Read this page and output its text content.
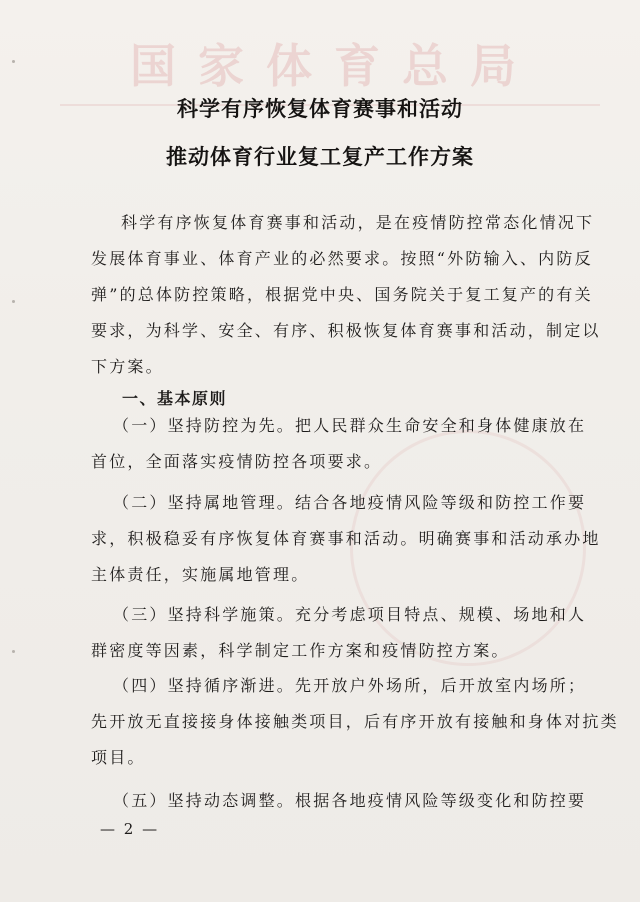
国家体育总局
科学有序恢复体育赛事和活动
推动体育行业复工复产工作方案
科学有序恢复体育赛事和活动，是在疫情防控常态化情况下
发展体育事业、体育产业的必然要求。按照“外防输入、内防反
弹”的总体防控策略，根据党中央、国务院关于复工复产的有关
要求，为科学、安全、有序、积极恢复体育赛事和活动，制定以
下方案。
一、基本原则
（一）坚持防控为先。把人民群众生命安全和身体健康放在
首位，全面落实疫情防控各项要求。
（二）坚持属地管理。结合各地疫情风险等级和防控工作要
求，积极稳妥有序恢复体育赛事和活动。明确赛事和活动承办地
主体责任，实施属地管理。
（三）坚持科学施策。充分考虑项目特点、规模、场地和人
群密度等因素，科学制定工作方案和疫情防控方案。
（四）坚持循序渐进。先开放户外场所，后开放室内场所；
先开放无直接接身体接触类项目，后有序开放有接触和身体对抗类
项目。
（五）坚持动态调整。根据各地疫情风险等级变化和防控要
— 2 —
